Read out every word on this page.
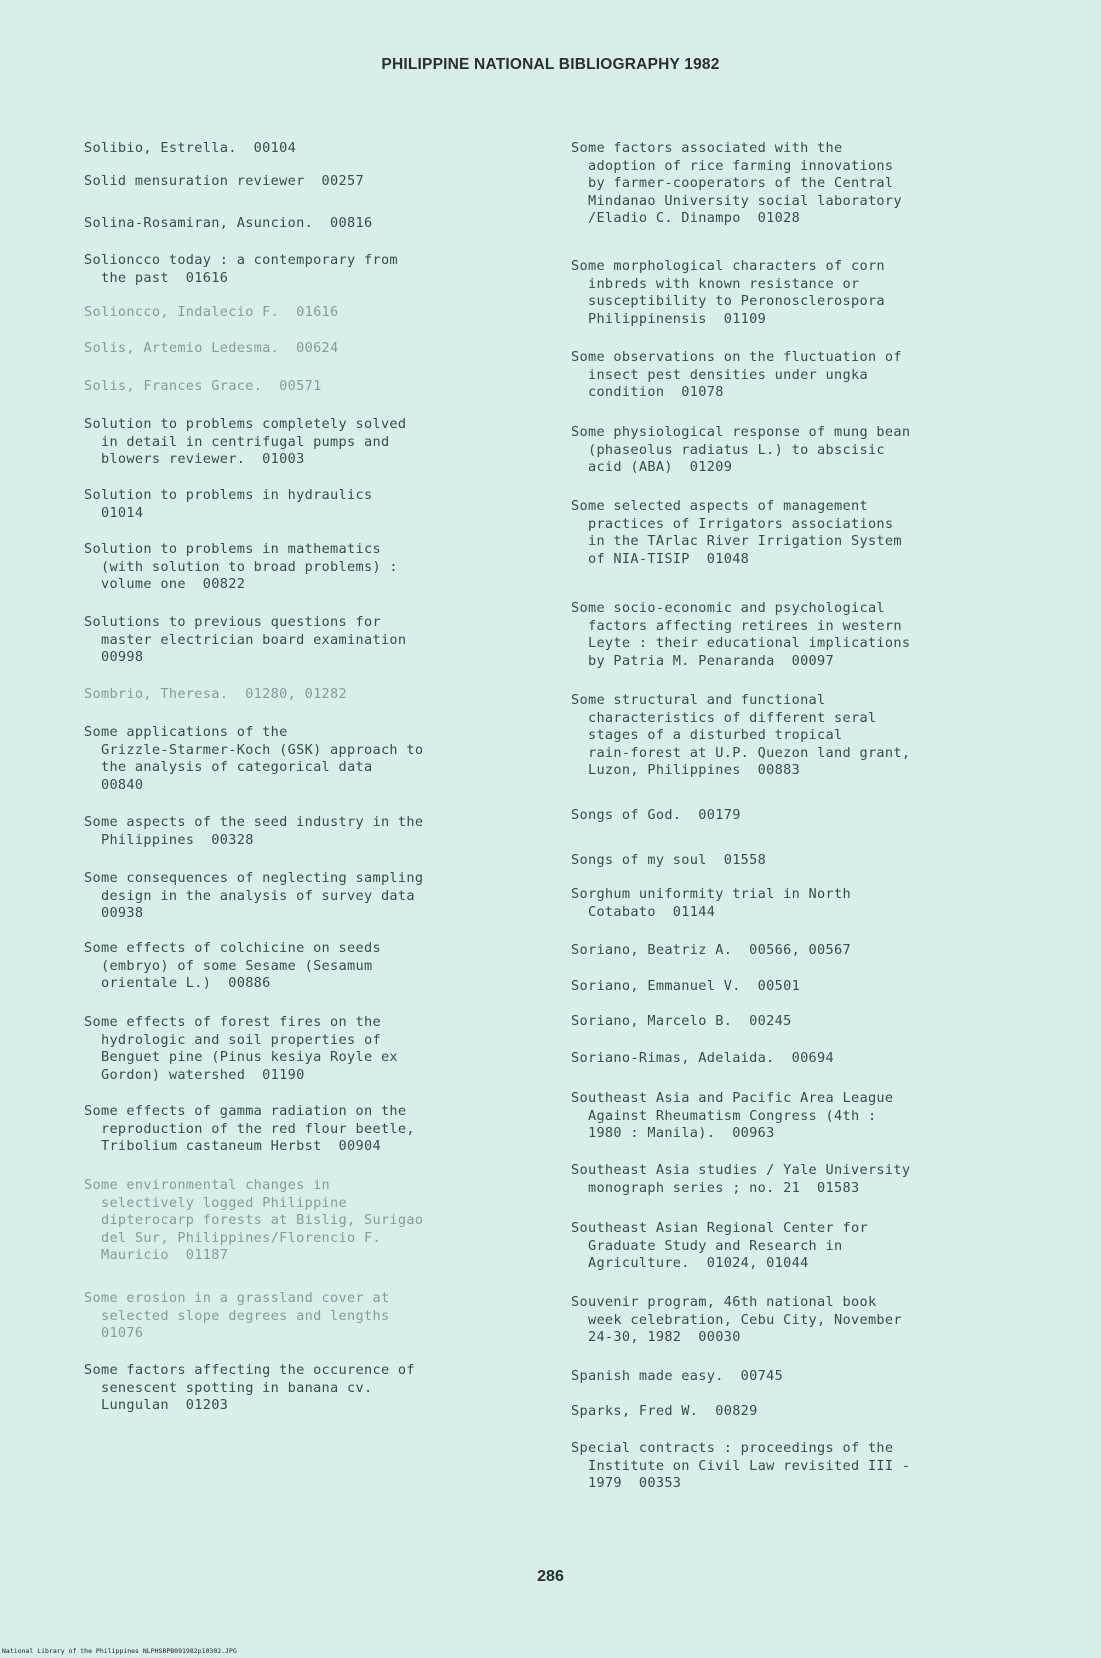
PHILIPPINE NATIONAL BIBLIOGRAPHY 1982

Solibio, Estrella.  00104

Solid mensuration reviewer  00257

Solina-Rosamiran, Asuncion.  00816

Solioncco today : a contemporary from
the past  01616

Solioncco, Indalecio F.  01616

Solis, Artemio Ledesma.  00624

Solis, Frances Grace.  00571

Solution to problems completely solved
in detail in centrifugal pumps and
blowers reviewer.  01003

Solution to problems in hydraulics
01014

Solution to problems in mathematics
(with solution to broad problems) :
volume one  00822

Solutions to previous questions for
master electrician board examination
00998

Sombrio, Theresa.  01280, 01282

Some applications of the
Grizzle-Starmer-Koch (GSK) approach to
the analysis of categorical data
00840

Some aspects of the seed industry in the
Philippines  00328

Some consequences of neglecting sampling
design in the analysis of survey data
00938

Some effects of colchicine on seeds
(embryo) of some Sesame (Sesamum
orientale L.)  00886

Some effects of forest fires on the
hydrologic and soil properties of
Benguet pine (Pinus kesiya Royle ex
Gordon) watershed  01190

Some effects of gamma radiation on the
reproduction of the red flour beetle,
Tribolium castaneum Herbst  00904

Some environmental changes in
selectively logged Philippine
dipterocarp forests at Bislig, Surigao
del Sur, Philippines/Florencio F.
Mauricio  01187

Some erosion in a grassland cover at
selected slope degrees and lengths
01076

Some factors affecting the occurence of
senescent spotting in banana cv.
Lungulan  01203

Some factors associated with the
adoption of rice farming innovations
by farmer-cooperators of the Central
Mindanao University social laboratory
/Eladio C. Dinampo  01028

Some morphological characters of corn
inbreds with known resistance or
susceptibility to Peronosclerospora
Philippinensis  01109

Some observations on the fluctuation of
insect pest densities under ungka
condition  01078

Some physiological response of mung bean
(phaseolus radiatus L.) to abscisic
acid (ABA)  01209

Some selected aspects of management
practices of Irrigators associations
in the TArlac River Irrigation System
of NIA-TISIP  01048

Some socio-economic and psychological
factors affecting retirees in western
Leyte : their educational implications
by Patria M. Penaranda  00097

Some structural and functional
characteristics of different seral
stages of a disturbed tropical
rain-forest at U.P. Quezon land grant,
Luzon, Philippines  00883

Songs of God.  00179

Songs of my soul  01558

Sorghum uniformity trial in North
Cotabato  01144

Soriano, Beatriz A.  00566, 00567

Soriano, Emmanuel V.  00501

Soriano, Marcelo B.  00245

Soriano-Rimas, Adelaida.  00694

Southeast Asia and Pacific Area League
Against Rheumatism Congress (4th :
1980 : Manila).  00963

Southeast Asia studies / Yale University
monograph series ; no. 21  01583

Southeast Asian Regional Center for
Graduate Study and Research in
Agriculture.  01024, 01044

Souvenir program, 46th national book
week celebration, Cebu City, November
24-30, 1982  00030

Spanish made easy.  00745

Sparks, Fred W.  00829

Special contracts : proceedings of the
Institute on Civil Law revisited III -
1979  00353

286
National Library of the Philippines NLPHSRPB091982p10302.JPG
